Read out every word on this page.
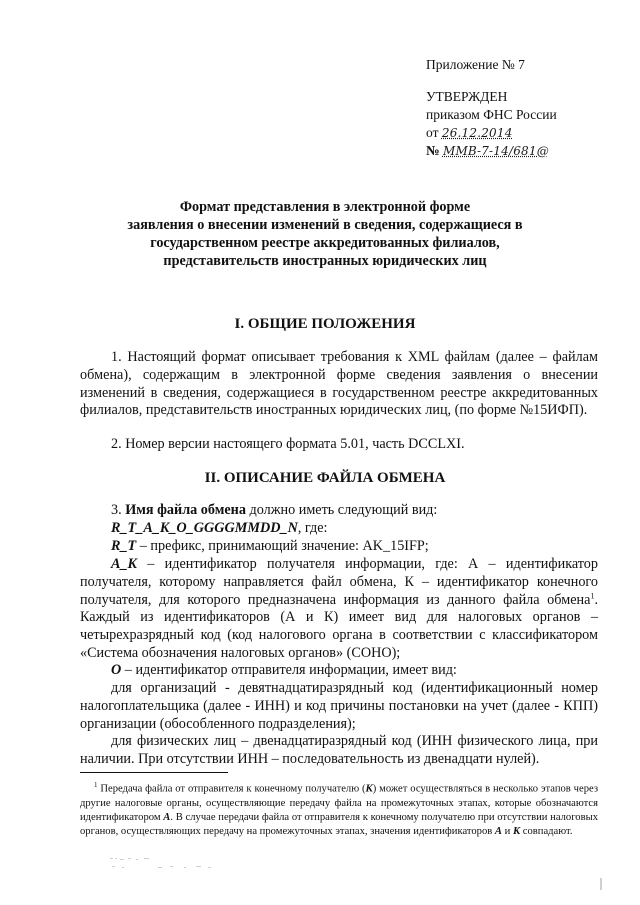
Приложение № 7
УТВЕРЖДЕН
приказом ФНС России
от 26.12.2014
№ ММВ-7-14/681@
Формат представления в электронной форме
заявления о внесении изменений в сведения, содержащиеся в
государственном реестре аккредитованных филиалов,
представительств иностранных юридических лиц
I. ОБЩИЕ ПОЛОЖЕНИЯ
1. Настоящий формат описывает требования к XML файлам (далее – файлам обмена), содержащим в электронной форме сведения заявления о внесении изменений в сведения, содержащиеся в государственном реестре аккредитованных филиалов, представительств иностранных юридических лиц, (по форме №15ИФП).
2. Номер версии настоящего формата 5.01, часть DCCLXI.
II. ОПИСАНИЕ ФАЙЛА ОБМЕНА
3. Имя файла обмена должно иметь следующий вид:
R_T_A_K_O_GGGGMMDD_N, где:
R_T – префикс, принимающий значение: AK_15IFP;
A_K – идентификатор получателя информации, где: А – идентификатор получателя, которому направляется файл обмена, К – идентификатор конечного получателя, для которого предназначена информация из данного файла обмена$^1$. Каждый из идентификаторов (А и К) имеет вид для налоговых органов – четырехразрядный код (код налогового органа в соответствии с классификатором «Система обозначения налоговых органов» (СОНО);
O – идентификатор отправителя информации, имеет вид:
для организаций - девятнадцатиразрядный код (идентификационный номер налогоплательщика (далее - ИНН) и код причины постановки на учет (далее - КПП) организации (обособленного подразделения);
для физических лиц – двенадцатиразрядный код (ИНН физического лица, при наличии. При отсутствии ИНН – последовательность из двенадцати нулей).
$^1$ Передача файла от отправителя к конечному получателю (К) может осуществляться в несколько этапов через другие налоговые органы, осуществляющие передачу файла на промежуточных этапах, которые обозначаются идентификатором А. В случае передачи файла от отправителя к конечному получателю при отсутствии налоговых органов, осуществляющих передачу на промежуточных этапах, значения идентификаторов А и К совпадают.
